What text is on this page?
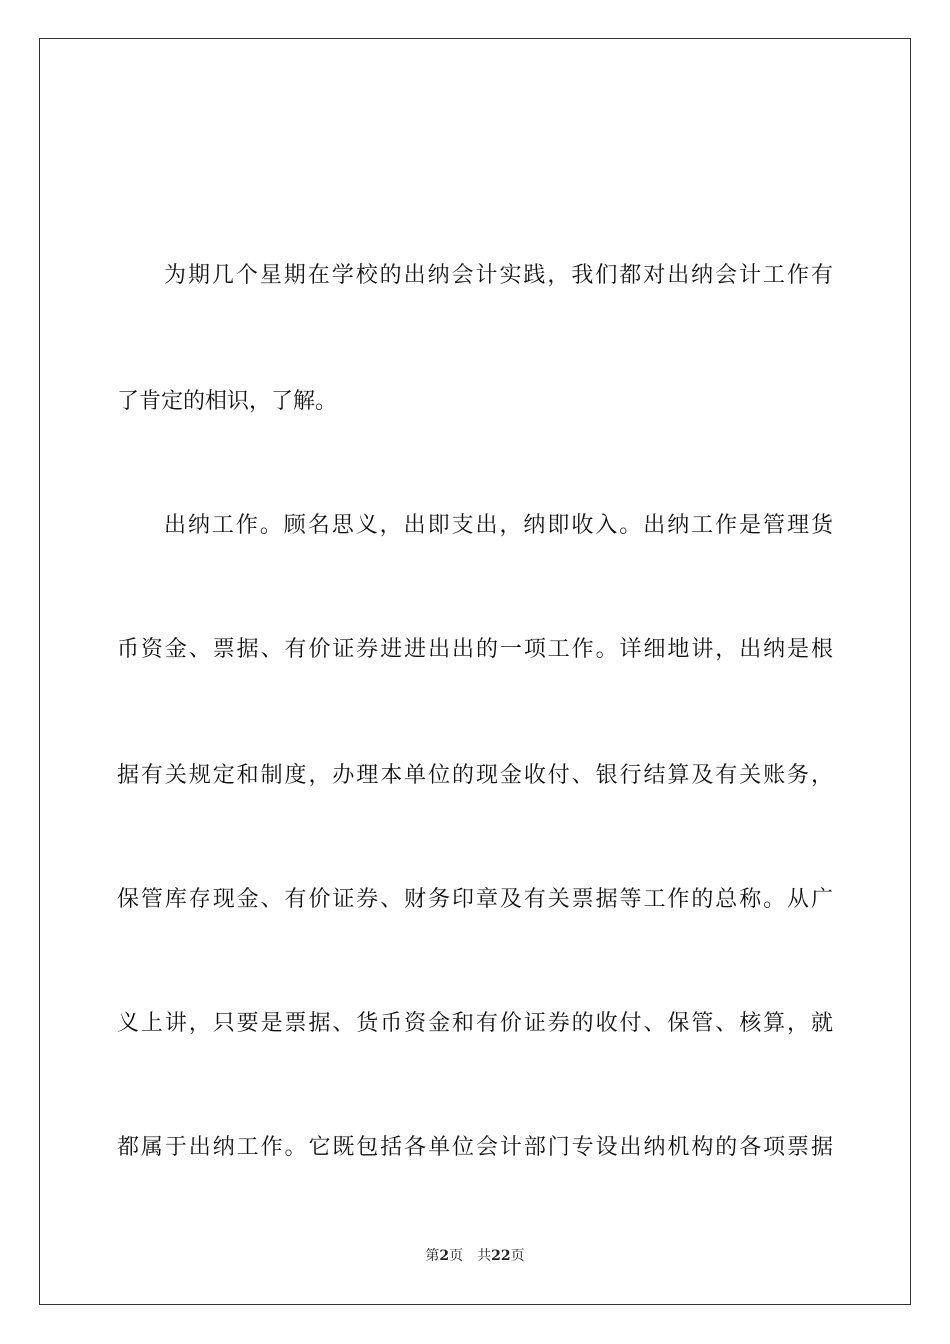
为期几个星期在学校的出纳会计实践，我们都对出纳会计工作有
了肯定的相识，了解。
出纳工作。顾名思义，出即支出，纳即收入。出纳工作是管理货
币资金、票据、有价证券进进出出的一项工作。详细地讲，出纳是根
据有关规定和制度，办理本单位的现金收付、银行结算及有关账务，
保管库存现金、有价证券、财务印章及有关票据等工作的总称。从广
义上讲，只要是票据、货币资金和有价证券的收付、保管、核算，就
都属于出纳工作。它既包括各单位会计部门专设出纳机构的各项票据
第2页 共22页
